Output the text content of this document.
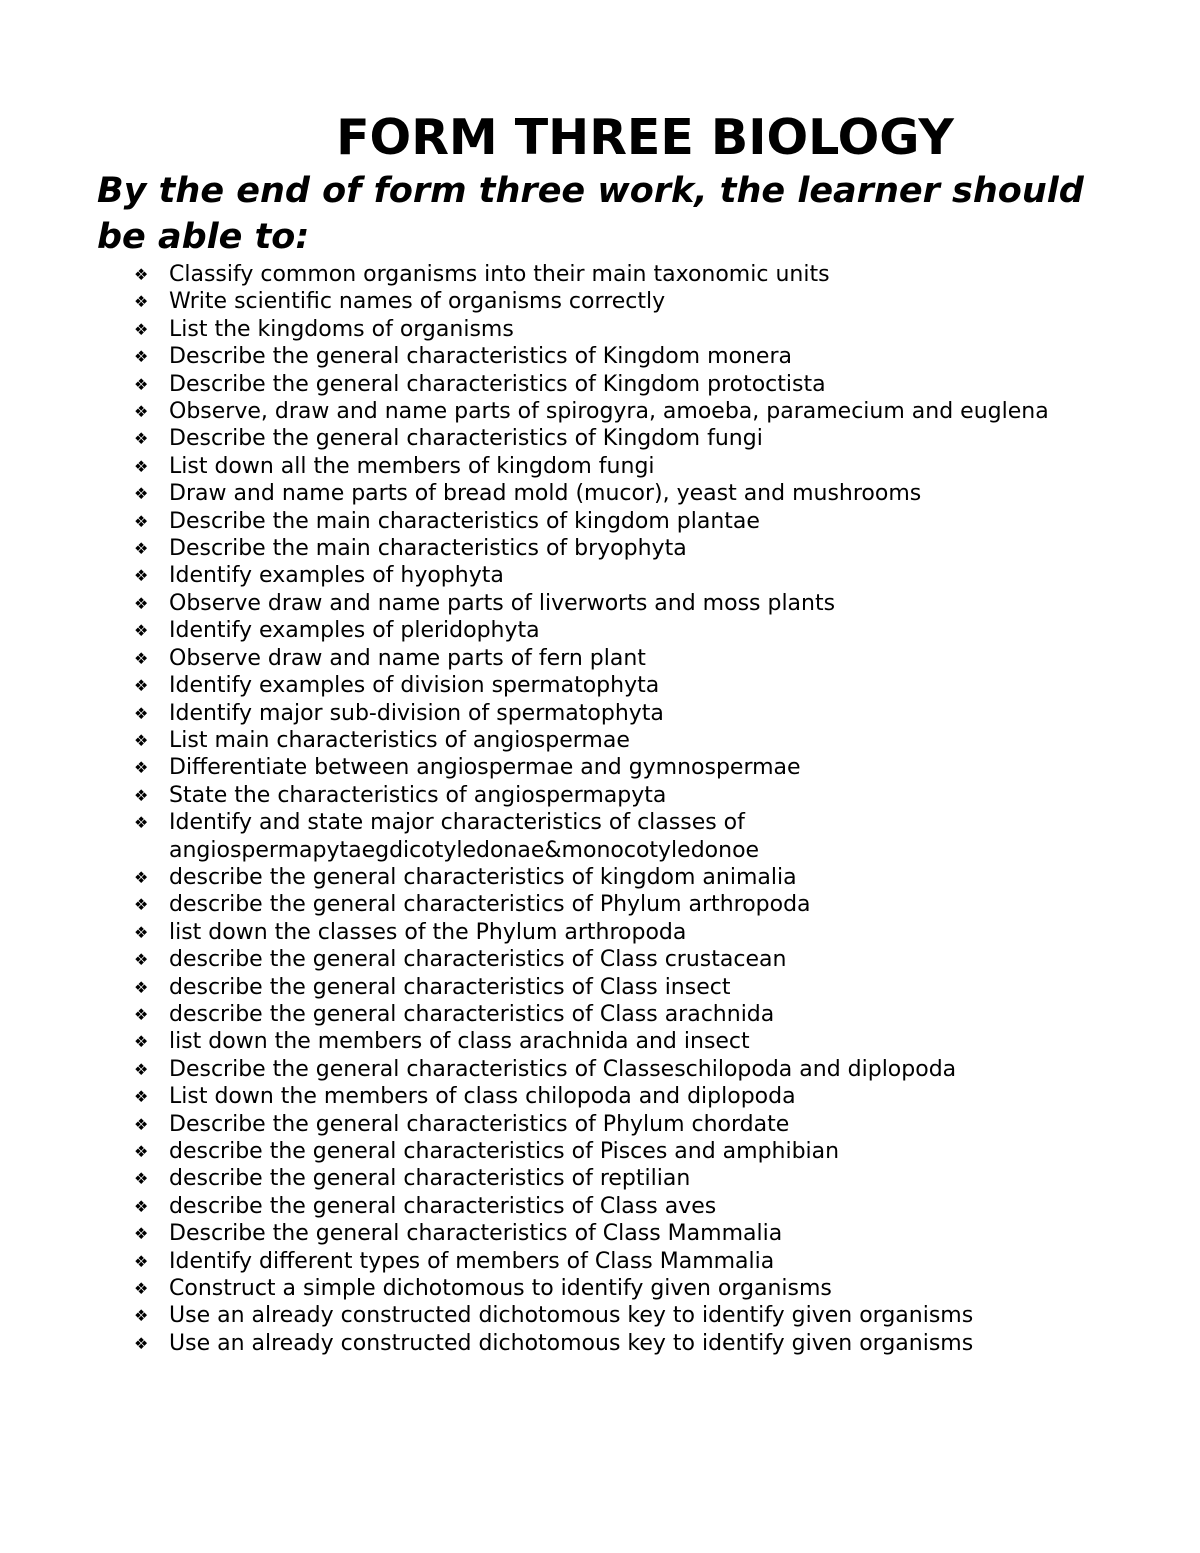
FORM THREE BIOLOGY
By the end of form three work, the learner should be able to:
❖ Classify common organisms into their main taxonomic units
❖ Write scientific names of organisms correctly
❖ List the kingdoms of organisms
❖ Describe the general characteristics of Kingdom monera
❖ Describe the general characteristics of Kingdom protoctista
❖ Observe, draw and name parts of spirogyra, amoeba, paramecium and euglena
❖ Describe the general characteristics of Kingdom fungi
❖ List down all the members of kingdom fungi
❖ Draw and name parts of bread mold (mucor), yeast and mushrooms
❖ Describe the main characteristics of kingdom plantae
❖ Describe the main characteristics of bryophyta
❖ Identify examples of hyophyta
❖ Observe draw and name parts of liverworts and moss plants
❖ Identify examples of pleridophyta
❖ Observe draw and name parts of fern plant
❖ Identify examples of division spermatophyta
❖ Identify major sub-division of spermatophyta
❖ List main characteristics of angiospermae
❖ Differentiate between angiospermae and gymnospermae
❖ State the characteristics of angiospermapyta
❖ Identify and state major characteristics of classes of angiospermapytaegdicotyledonae&monocotyledonoe
❖ describe the general characteristics of kingdom animalia
❖ describe the general characteristics of Phylum arthropoda
❖ list down the classes of the Phylum arthropoda
❖ describe the general characteristics of Class crustacean
❖ describe the general characteristics of Class insect
❖ describe the general characteristics of Class arachnida
❖ list down the members of class arachnida and insect
❖ Describe the general characteristics of Classeschilopoda and diplopoda
❖ List down the members of class chilopoda and diplopoda
❖ Describe the general characteristics of Phylum chordate
❖ describe the general characteristics of Pisces and amphibian
❖ describe the general characteristics of reptilian
❖ describe the general characteristics of Class aves
❖ Describe the general characteristics of Class Mammalia
❖ Identify different types of members of Class Mammalia
❖ Construct a simple dichotomous to identify given organisms
❖ Use an already constructed dichotomous key to identify given organisms
❖ Use an already constructed dichotomous key to identify given organisms
